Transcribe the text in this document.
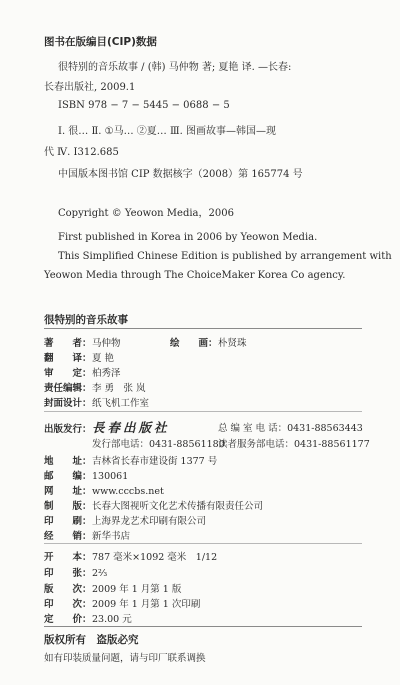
图书在版编目(CIP)数据
很特别的音乐故事 / (韩) 马仲物 著; 夏艳 译. —长春:
长春出版社, 2009.1
ISBN 978 − 7 − 5445 − 0688 − 5
Ⅰ. 很… Ⅱ. ①马… ②夏… Ⅲ. 图画故事—韩国—现
代 Ⅳ. I312.685
中国版本图书馆 CIP 数据核字（2008）第 165774 号
Copyright © Yeowon Media，2006
First published in Korea in 2006 by Yeowon Media.
This Simplified Chinese Edition is published by arrangement with
Yeowon Media through The ChoiceMaker Korea Co agency.
很特别的音乐故事
著　　者：马仲物	绘　　画：朴贤珠
翻　　译：夏 艳
审　　定：柏秀泽
责任编辑：李 勇　张 岚
封面设计：纸飞机工作室
出版发行：長春出版社	总 编 室 电 话：0431-88563443
发行部电话：0431-88561180
读者服务部电话：0431-88561177
地　　址：吉林省长春市建设街 1377 号
邮　　编：130061
网　　址：www.cccbs.net
制　　版：长春大图视听文化艺术传播有限责任公司
印　　刷：上海界龙艺术印刷有限公司
经　　销：新华书店
开　　本：787 毫米×1092 毫米　1/12
印　　张：2⅔
版　　次：2009 年 1 月第 1 版
印　　次：2009 年 1 月第 1 次印刷
定　　价：23.00 元
版权所有　盗版必究
如有印装质量问题，请与印厂联系调换
